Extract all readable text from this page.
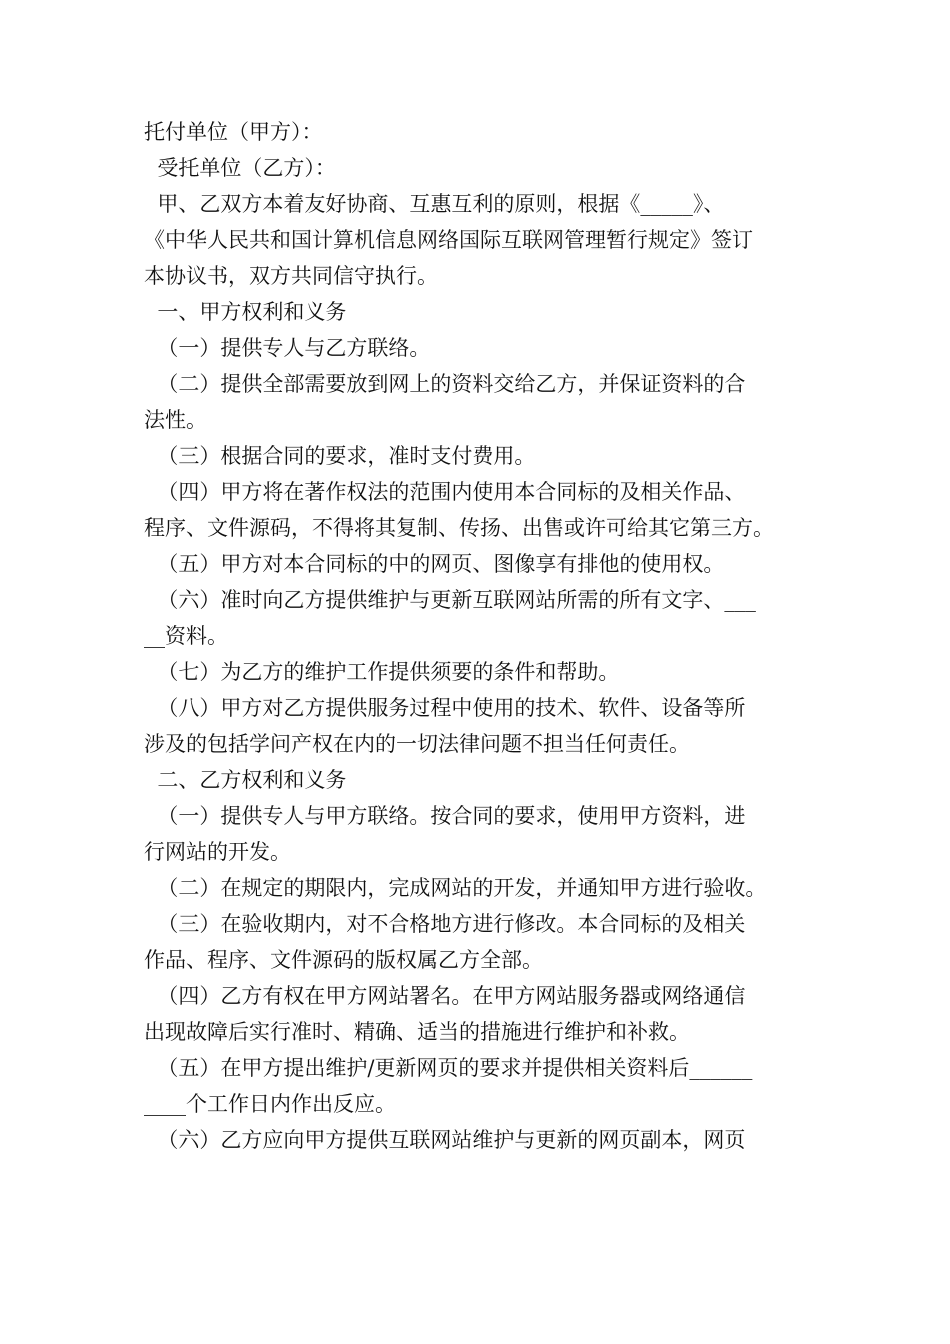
托付单位（甲方）：

受托单位（乙方）：

甲、乙双方本着友好协商、互惠互利的原则，根据《_____》、

《中华人民共和国计算机信息网络国际互联网管理暂行规定》签订

本协议书，双方共同信守执行。

一、甲方权利和义务

（一）提供专人与乙方联络。

（二）提供全部需要放到网上的资料交给乙方，并保证资料的合

法性。

（三）根据合同的要求，准时支付费用。

（四）甲方将在著作权法的范围内使用本合同标的及相关作品、

程序、文件源码，不得将其复制、传扬、出售或许可给其它第三方。

（五）甲方对本合同标的中的网页、图像享有排他的使用权。

（六）准时向乙方提供维护与更新互联网站所需的所有文字、___

__资料。

（七）为乙方的维护工作提供须要的条件和帮助。

（八）甲方对乙方提供服务过程中使用的技术、软件、设备等所

涉及的包括学问产权在内的一切法律问题不担当任何责任。

二、乙方权利和义务

（一）提供专人与甲方联络。按合同的要求，使用甲方资料，进

行网站的开发。

（二）在规定的期限内，完成网站的开发，并通知甲方进行验收。

（三）在验收期内，对不合格地方进行修改。本合同标的及相关

作品、程序、文件源码的版权属乙方全部。

（四）乙方有权在甲方网站署名。在甲方网站服务器或网络通信

出现故障后实行准时、精确、适当的措施进行维护和补救。

（五）在甲方提出维护/更新网页的要求并提供相关资料后______

____个工作日内作出反应。

（六）乙方应向甲方提供互联网站维护与更新的网页副本，网页
